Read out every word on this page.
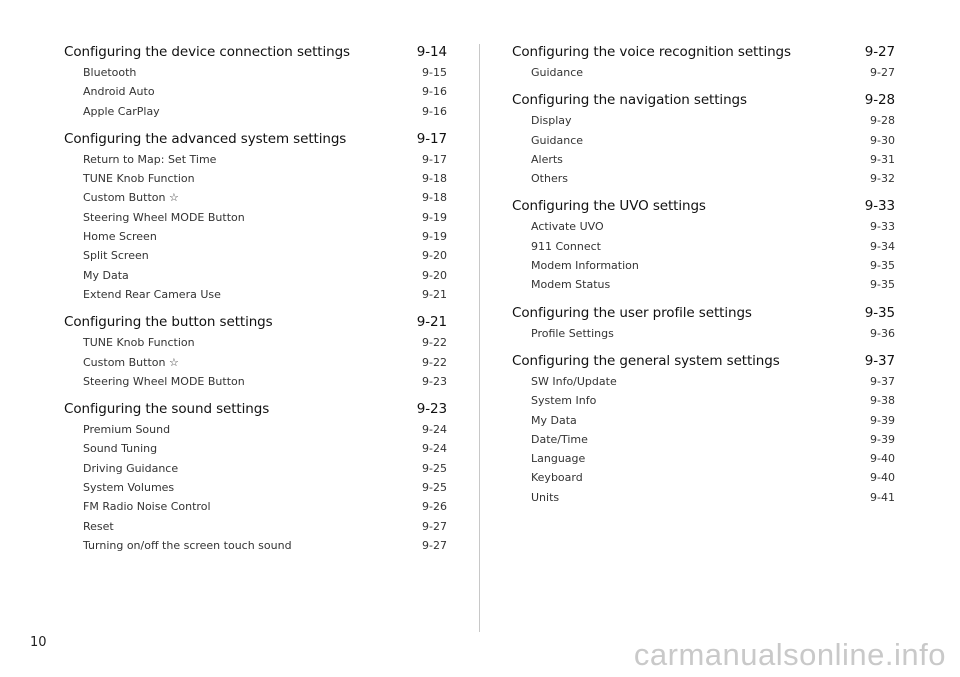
Configuring the device connection settings	9-14
Bluetooth	9-15
Android Auto	9-16
Apple CarPlay	9-16
Configuring the advanced system settings	9-17
Return to Map: Set Time	9-17
TUNE Knob Function	9-18
Custom Button ☆	9-18
Steering Wheel MODE Button	9-19
Home Screen	9-19
Split Screen	9-20
My Data	9-20
Extend Rear Camera Use	9-21
Configuring the button settings	9-21
TUNE Knob Function	9-22
Custom Button ☆	9-22
Steering Wheel MODE Button	9-23
Configuring the sound settings	9-23
Premium Sound	9-24
Sound Tuning	9-24
Driving Guidance	9-25
System Volumes	9-25
FM Radio Noise Control	9-26
Reset	9-27
Turning on/off the screen touch sound	9-27
Configuring the voice recognition settings	9-27
Guidance	9-27
Configuring the navigation settings	9-28
Display	9-28
Guidance	9-30
Alerts	9-31
Others	9-32
Configuring the UVO settings	9-33
Activate UVO	9-33
911 Connect	9-34
Modem Information	9-35
Modem Status	9-35
Configuring the user profile settings	9-35
Profile Settings	9-36
Configuring the general system settings	9-37
SW Info/Update	9-37
System Info	9-38
My Data	9-39
Date/Time	9-39
Language	9-40
Keyboard	9-40
Units	9-41
10	carmanualsonline.info
